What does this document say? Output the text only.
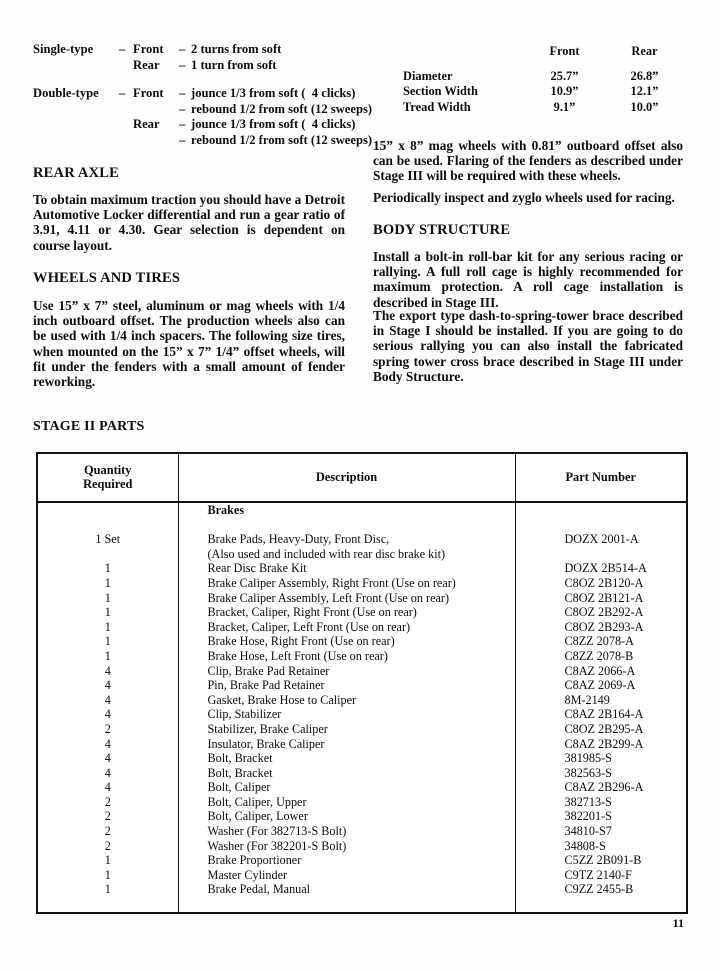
Single-type	– Front	– 2 turns from soft
Rear	– 1 turn from soft
Double-type	– Front	– jounce 1/3 from soft (  4 clicks)
– rebound 1/2 from soft (12 sweeps)
Rear	– jounce 1/3 from soft (  4 clicks)
– rebound 1/2 from soft (12 sweeps)
REAR AXLE
To obtain maximum traction you should have a Detroit Automotive Locker differential and run a gear ratio of 3.91, 4.11 or 4.30. Gear selection is dependent on course layout.
WHEELS AND TIRES
Use 15” x 7” steel, aluminum or mag wheels with 1/4 inch outboard offset. The production wheels also can be used with 1/4 inch spacers. The following size tires, when mounted on the 15” x 7” 1/4” offset wheels, will fit under the fenders with a small amount of fender reworking.
	Front	Rear
Diameter	25.7”	26.8”
Section Width	10.9”	12.1”
Tread Width	9.1”	10.0”
15” x 8” mag wheels with 0.81” outboard offset also can be used. Flaring of the fenders as described under Stage III will be required with these wheels.
Periodically inspect and zyglo wheels used for racing.
BODY STRUCTURE
Install a bolt-in roll-bar kit for any serious racing or rallying. A full roll cage is highly recommended for maximum protection. A roll cage installation is described in Stage III.
The export type dash-to-spring-tower brace described in Stage I should be installed. If you are going to do serious rallying you can also install the fabricated spring tower cross brace described in Stage III under Body Structure.
STAGE II PARTS
Quantity
Required	Description	Part Number
	Brakes	

1 Set	Brake Pads, Heavy-Duty, Front Disc,	DOZX 2001-A
	(Also used and included with rear disc brake kit)	
1	Rear Disc Brake Kit	DOZX 2B514-A
1	Brake Caliper Assembly, Right Front (Use on rear)	C8OZ 2B120-A
1	Brake Caliper Assembly, Left Front (Use on rear)	C8OZ 2B121-A
1	Bracket, Caliper, Right Front (Use on rear)	C8OZ 2B292-A
1	Bracket, Caliper, Left Front (Use on rear)	C8OZ 2B293-A
1	Brake Hose, Right Front (Use on rear)	C8ZZ 2078-A
1	Brake Hose, Left Front (Use on rear)	C8ZZ 2078-B
4	Clip, Brake Pad Retainer	C8AZ 2066-A
4	Pin, Brake Pad Retainer	C8AZ 2069-A
4	Gasket, Brake Hose to Caliper	8M-2149
4	Clip, Stabilizer	C8AZ 2B164-A
2	Stabilizer, Brake Caliper	C8OZ 2B295-A
4	Insulator, Brake Caliper	C8AZ 2B299-A
4	Bolt, Bracket	381985-S
4	Bolt, Bracket	382563-S
4	Bolt, Caliper	C8AZ 2B296-A
2	Bolt, Caliper, Upper	382713-S
2	Bolt, Caliper, Lower	382201-S
2	Washer (For 382713-S Bolt)	34810-S7
2	Washer (For 382201-S Bolt)	34808-S
1	Brake Proportioner	C5ZZ 2B091-B
1	Master Cylinder	C9TZ 2140-F
1	Brake Pedal, Manual	C9ZZ 2455-B

11
